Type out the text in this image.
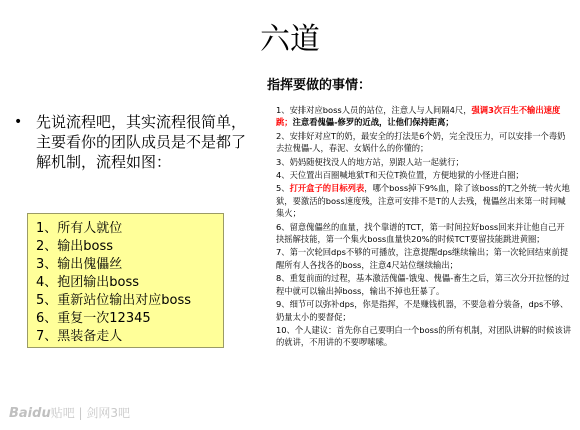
六道
• 先说流程吧，其实流程很简单，主要看你的团队成员是不是都了解机制，流程如图：
1、所有人就位
2、输出boss
3、输出傀儡丝
4、抱团输出boss
5、重新站位输出对应boss
6、重复一次12345
7、黑装备走人
指挥要做的事情：
1、安排对应boss人员的站位，注意人与人间隔4尺，强调3次百生不输出速度跳；注意看傀儡-修罗的近战，让他们保持距离；
2、安排好对应T的奶，最安全的打法是6个奶，完全没压力，可以安排一个毒奶去拉傀儡-人，春泥、女娲什么的你懂的；
3、奶妈随便找没人的地方站，别跟人站一起就行；
4、天位置出百圈喊地狱T和天位T换位置，方便地狱的小怪进白圈；
5、打开盒子的目标列表，哪个boss掉下9%血，除了该boss的T之外统一转火地狱，要激活的boss速度残，注意可安排不是T的人去残，傀儡丝出来第一时间喊集火；
6、留意傀儡丝的血量，找个靠谱的TCT，第一时间拉好boss回来并让他自己开抉摇解技能，第一个集火boss血量快20%的时候TCT要留技能跳进黄圈；
7、第一次轮回dps不够的可播放，注意提醒dps继续输出；第一次轮回结束前提醒所有人各找各的boss，注意4尺站位继续输出；
8、重复前面的过程，基本激活傀儡-饿鬼、傀儡-畜生之后，第三次分开拉怪的过程中就可以输出掉boss，输出不掉也狂暴了。
9、细节可以弥补dps，你是指挥，不是赚钱机器，不要急着分装备，dps不够、奶量太小的要督促；
10、个人建议：首先你自己要明白一个boss的所有机制，对团队讲解的时候该讲的就讲，不用讲的不要啰嗦嗦。
Baidu贴吧 | 剑网3吧
